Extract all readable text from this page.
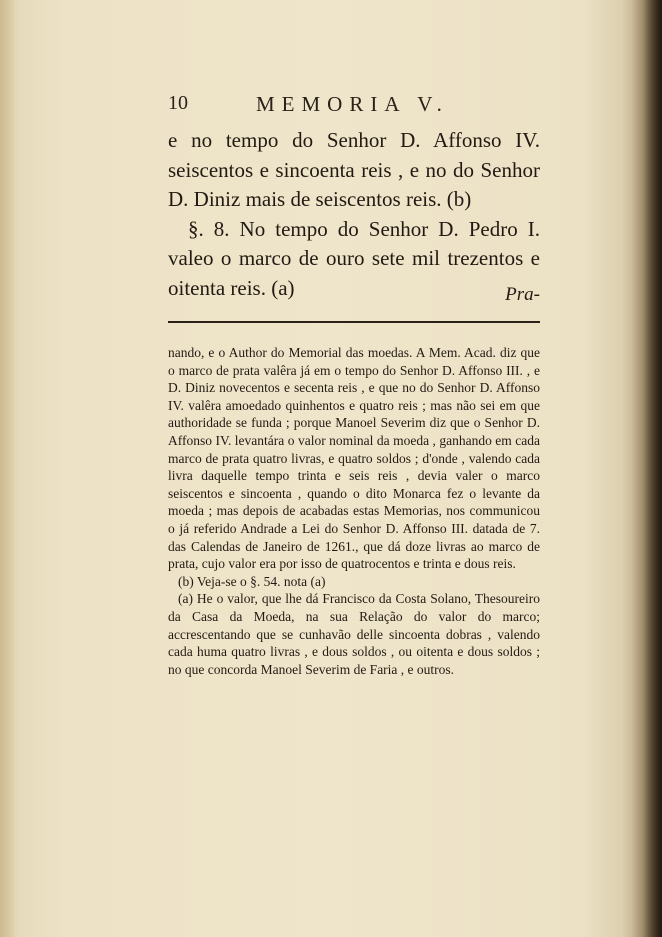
10	MEMORIA V.

e no tempo do Senhor D. Affonso IV. seiscentos e sincoenta reis , e no do Senhor D. Diniz mais de seiscentos reis. (b)

§. 8. No tempo do Senhor D. Pedro I. valeo o marco de ouro sete mil trezentos e oitenta reis. (a)	Pra-

nando, e o Author do Memorial das moedas. A Mem. Acad. diz que o marco de prata valêra já em o tempo do Senhor D. Affonso III. , e D. Diniz novecentos e secenta reis , e que no do Senhor D. Affonso IV. valêra amoedado quinhentos e quatro reis ; mas não sei em que authoridade se funda ; porque Manoel Severim diz que o Senhor D. Affonso IV. levantára o valor nominal da moeda , ganhando em cada marco de prata quatro livras, e quatro soldos ; d'onde , valendo cada livra daquelle tempo trinta e seis reis , devia valer o marco seiscentos e sincoenta , quando o dito Monarca fez o levante da moeda ; mas depois de acabadas estas Memorias, nos communicou o já referido Andrade a Lei do Senhor D. Affonso III. datada de 7. das Calendas de Janeiro de 1261., que dá doze livras ao marco de prata, cujo valor era por isso de quatrocentos e trinta e dous reis.

(b) Veja-se o §. 54. nota (a)

(a) He o valor, que lhe dá Francisco da Costa Solano, Thesoureiro da Casa da Moeda, na sua Relação do valor do marco; accrescentando que se cunhavão delle sincoenta dobras , valendo cada huma quatro livras , e dous soldos , ou oitenta e dous soldos ; no que concorda Manoel Severim de Faria , e outros.
